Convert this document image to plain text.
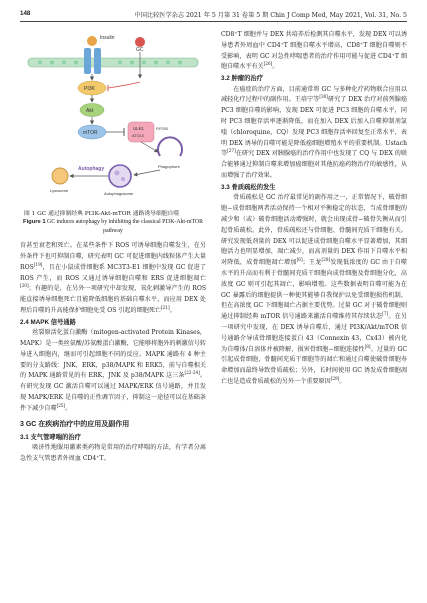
148	中国比较医学杂志 2021 年 5 月第 31 卷第 5 期 Chin J Comp Med, May 2021, Vol. 31, No. 5
Insulin
GC
PI3K
Akt
mTOR
ULK1
ATG13
FIP200
Phagophore
Autophagosome
Lysosome
Autophagy
图 1 GC 通过抑制经典 PI3K-Akt-mTOR 通路诱导细胞自噬
Figure 1 GC induces autophagy by inhibiting the classical PI3K-Akt-mTOR pathway

育甚至衰老和死亡。在某些条件下 ROS 可诱导细胞自噬发生，在另外条件下也可抑制自噬，研究表明 GC 可促进细胞内线粒体产生大量 ROS[19]，且在小鼠成骨细胞系 MC3T3-E1 细胞中发现 GC 促进了 ROS 产生，而 ROS 又通过诱导细胞自噬和 ERS 促进细胞凋亡[20]；有趣的是，在另外一项研究中却发现，氧化刺激导产生的 ROS 能直接诱导细胞死亡且能降低细胞的基础自噬水平，而应用 DEX 处理后自噬的升高能保护细胞免受 OS 引起的细胞死亡[21]。

2.4 MAPK 信号通路

丝裂原活化蛋白激酶（mitogen-activated Protein Kinases，MAPK）是一类丝氨酸/苏氨酸蛋白激酶，它能够将胞外的刺激信号转导进入细胞内，继而可引起细胞不同的反应。MAPK 通路有 4 种主要的分支路线：JNK，ERK，p38/MAPK 和 ERK5，前与自噬相关的 MAPK 通路常见的有 ERK，JNK 及 p38/MAPK 这三条[22-24]。有研究发现 GC 激活自噬可以通过 MAPK/ERK 信号通路，并且发现 MAPK/ERK 是自噬的正性调节因子，抑制这一途径可以在基础条件下减少自噬[25]。

3 GC 在疾病治疗中的应用及副作用
3.1 支气管哮喘的治疗

吸济性地服用激素类药物是常用的治疗哮喘的方法，有学者分离急性支气管患者外周血 CD4⁺T、

CD8⁺T 细胞并与 DEX 共培养后检测其自噬水平，发现 DEX 可以诱导患者外周血中 CD4⁺T 细胞自噬水平增高，CD8⁺T 细胞自噬则不受影响，表明 GC 对急性哮喘患者的治疗作用可能与促进 CD4⁺T 细胞自噬水平有关[26]。

3.2 肿瘤的治疗

在癌症的治疗方面，目前通常将 GC 与多种化疗药物联合应用以减轻化疗过程中的副作用。王培宁等[30]研究了 DEX 治疗对前列腺癌 PC3 细胞自噬的影响，发现 DEX 可促进 PC3 细胞的自噬水平，同时 PC3 细胞存活率逐渐降低，而在加入 DEX 后加入自噬抑制剂氯喹（chloroquine，CQ）发现 PC3 细胞存活率回复至正常水平，表明 DEX 诱导的自噬可能是降低癌细胞增殖水平的重要机制。Ustach 等[27]在研究 DEX 对胰腺癌的治疗作用中也发现了 CQ 与 DEX 的联合能够通过抑制自噬来增加癌细胞对其他抗癌药物治疗的敏感性，从而增强了治疗效果。

3.3 骨质疏松的发生

骨质疏松是 GC 治疗最常见的副作用之一，正常情况下，破骨细胞−成骨细胞两者活动保持一个相对平衡稳定的状态，当成骨细胞的减少和（或）破骨细胞活动增强时，就会出现成骨−破骨失衡从而引起骨质疏松。此外，骨质疏松还与骨细胞、骨髓间充质干细胞有关。研究发现低剂量的 DEX 可以促进成骨细胞自噬水平显著增加，其细胞活力也明显增加，凋亡减少，而高剂量的 DEX 作用下自噬水平相对降低，成骨细胞凋亡增加[6]；王龙[28]发现低浓度的 GC 由于自噬水平的升高而有利于骨髓间充质干细胞向成骨细胞及骨细胞分化，高浓度 GC 则可引起其凋亡，影响增殖。这些数据表明自噬可能为在 GC 暴露后的细胞提供一种使其能够自我保护以免受细胞损伤机制，但在高浓度 GC 下细胞凋亡占据主要优势。过量 GC 对于破骨细胞则通过抑制经典 mTOR 信号通路来激活自噬维持其存续状态[7]。在另一项研究中发现，在 DEX 诱导自噬后，通过 PI3K/Akt/mTOR 信号通路介导成骨细胞连接蛋白 43（Connexin 43，Cx43）被内化为自噬体/自溶体并被降解，损害骨细胞−细胞连接性[8]。过量的 GC 引起成骨细胞、骨髓间充质干细胞等的凋亡和通过自噬使破骨细胞寿命增加而最终导致骨质疏松；另外，长时间使用 GC 诱发成骨细胞凋亡也是造成骨质疏松的另外一个重要原因[29]。
